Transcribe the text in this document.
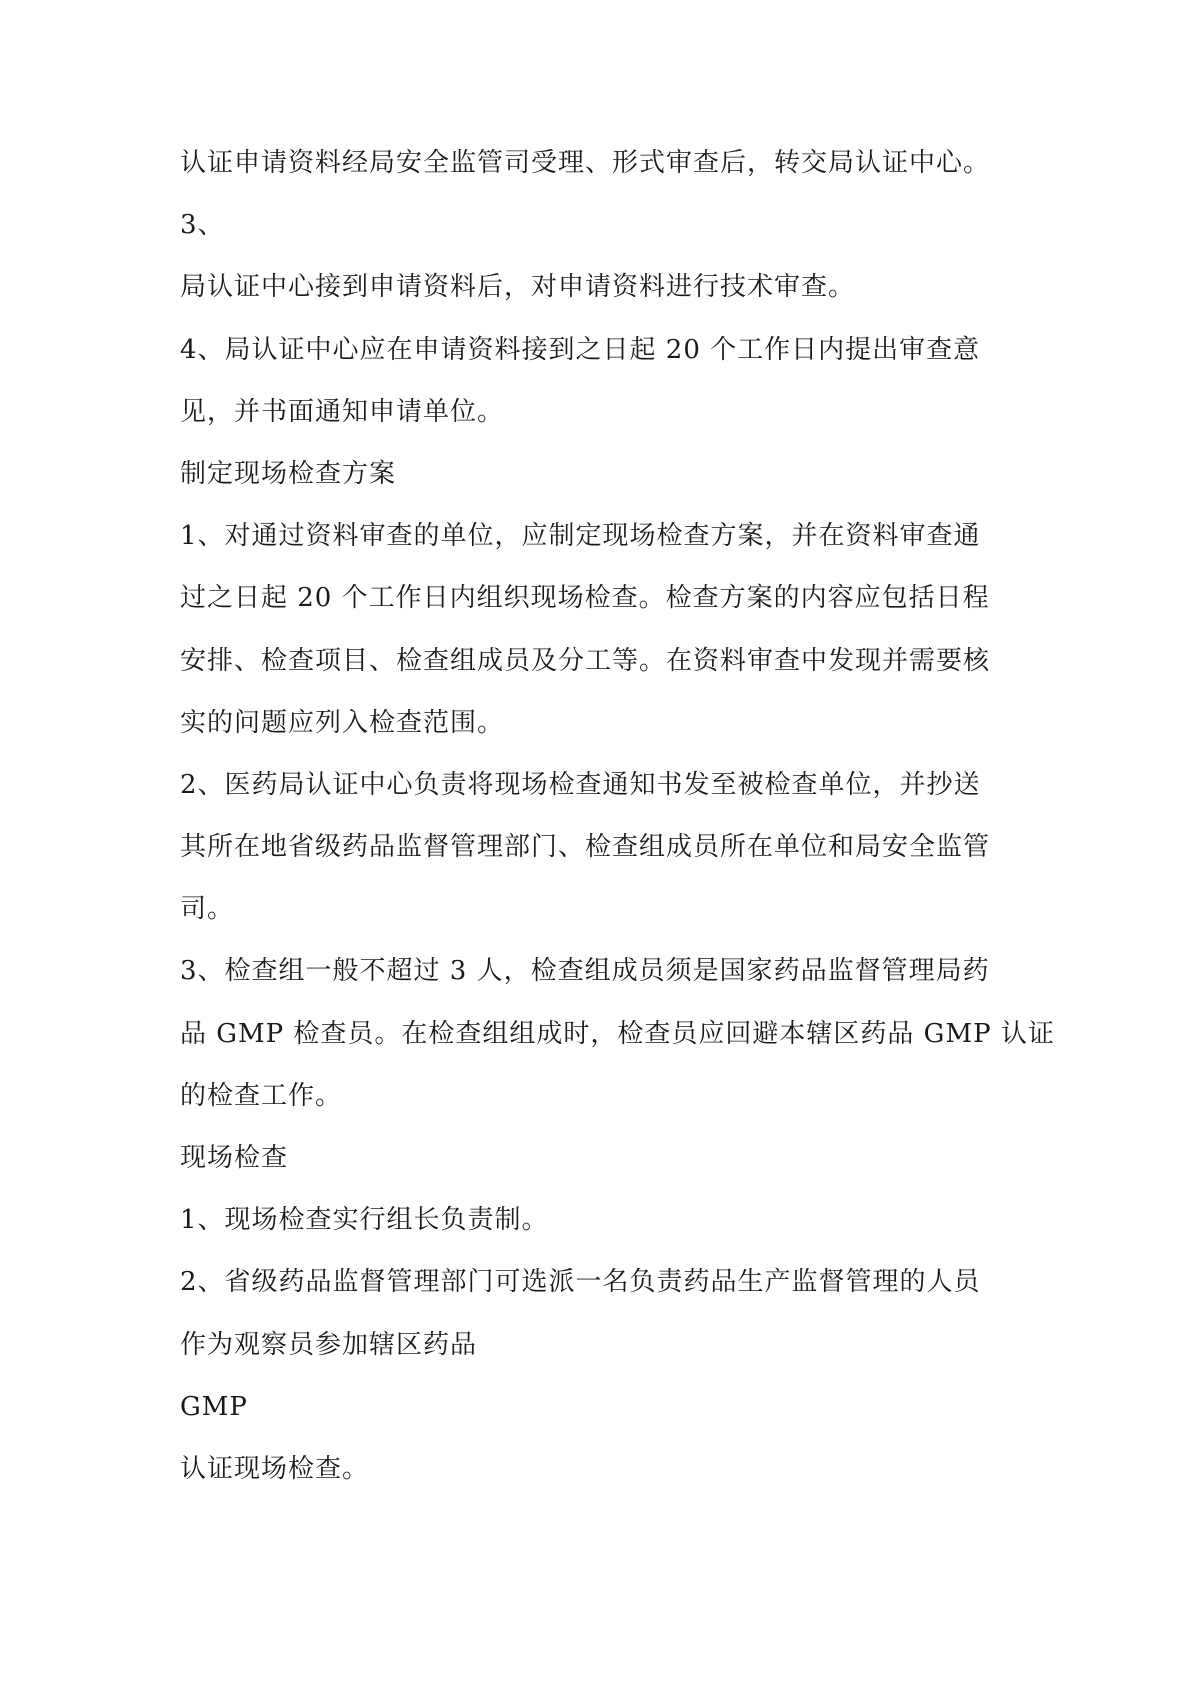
认证申请资料经局安全监管司受理、形式审查后，转交局认证中心。
3、
局认证中心接到申请资料后，对申请资料进行技术审查。
4、局认证中心应在申请资料接到之日起 20 个工作日内提出审查意
见，并书面通知申请单位。
制定现场检查方案
1、对通过资料审查的单位，应制定现场检查方案，并在资料审查通
过之日起 20 个工作日内组织现场检查。检查方案的内容应包括日程
安排、检查项目、检查组成员及分工等。在资料审查中发现并需要核
实的问题应列入检查范围。
2、医药局认证中心负责将现场检查通知书发至被检查单位，并抄送
其所在地省级药品监督管理部门、检查组成员所在单位和局安全监管
司。
3、检查组一般不超过 3 人，检查组成员须是国家药品监督管理局药
品 GMP 检查员。在检查组组成时，检查员应回避本辖区药品 GMP 认证
的检查工作。
现场检查
1、现场检查实行组长负责制。
2、省级药品监督管理部门可选派一名负责药品生产监督管理的人员
作为观察员参加辖区药品
GMP
认证现场检查。
